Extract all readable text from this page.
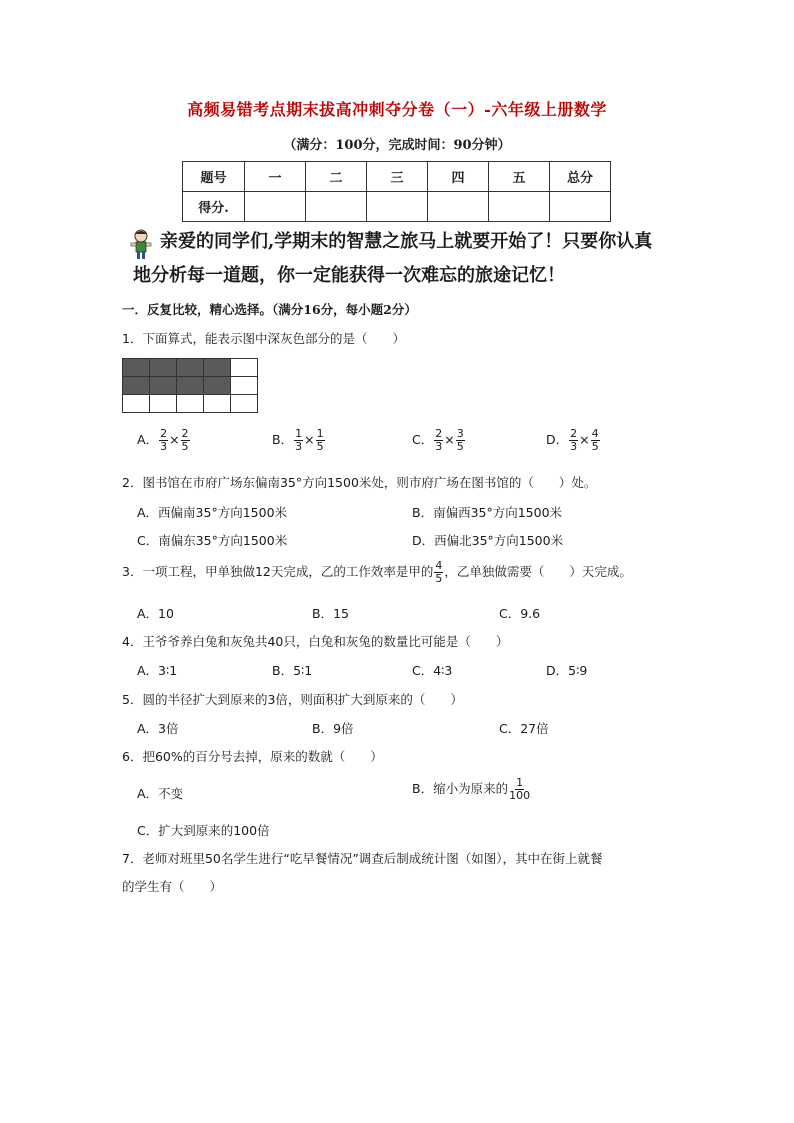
高频易错考点期末拔高冲刺夺分卷（一）-六年级上册数学
（满分：100分，完成时间：90分钟）
题号	一	二	三	四	五	总分
得分.						
亲爱的同学们,学期末的智慧之旅马上就要开始了！只要你认真
地分析每一道题，你一定能获得一次难忘的旅途记忆！
一．反复比较，精心选择。（满分16分，每小题2分）
1．下面算式，能表示图中深灰色部分的是（　　）

A． $\frac{2}{3} \times \frac{2}{5}$	B． $\frac{1}{3} \times \frac{1}{5}$	C． $\frac{2}{3} \times \frac{3}{5}$	D． $\frac{2}{3} \times \frac{4}{5}$
2．图书馆在市府广场东偏南35°方向1500米处，则市府广场在图书馆的（　　）处。
A．西偏南35°方向1500米	B．南偏西35°方向1500米
C．南偏东35°方向1500米	D．西偏北35°方向1500米
3．一项工程，甲单独做12天完成，乙的工作效率是甲的 $\frac{4}{5}$ ，乙单独做需要（　　）天完成。
A．10	B．15	C．9.6
4．王爷爷养白兔和灰兔共40只，白兔和灰兔的数量比可能是（　　）
A．3∶1	B．5∶1	C．4∶3	D．5∶9
5．圆的半径扩大到原来的3倍，则面积扩大到原来的（　　）
A．3倍	B．9倍	C．27倍
6．把60%的百分号去掉，原来的数就（　　）
A．不变	B．缩小为原来的 $\frac{1}{100}$
C．扩大到原来的100倍
7．老师对班里50名学生进行“吃早餐情况”调查后制成统计图（如图），其中在街上就餐
的学生有（　　）
